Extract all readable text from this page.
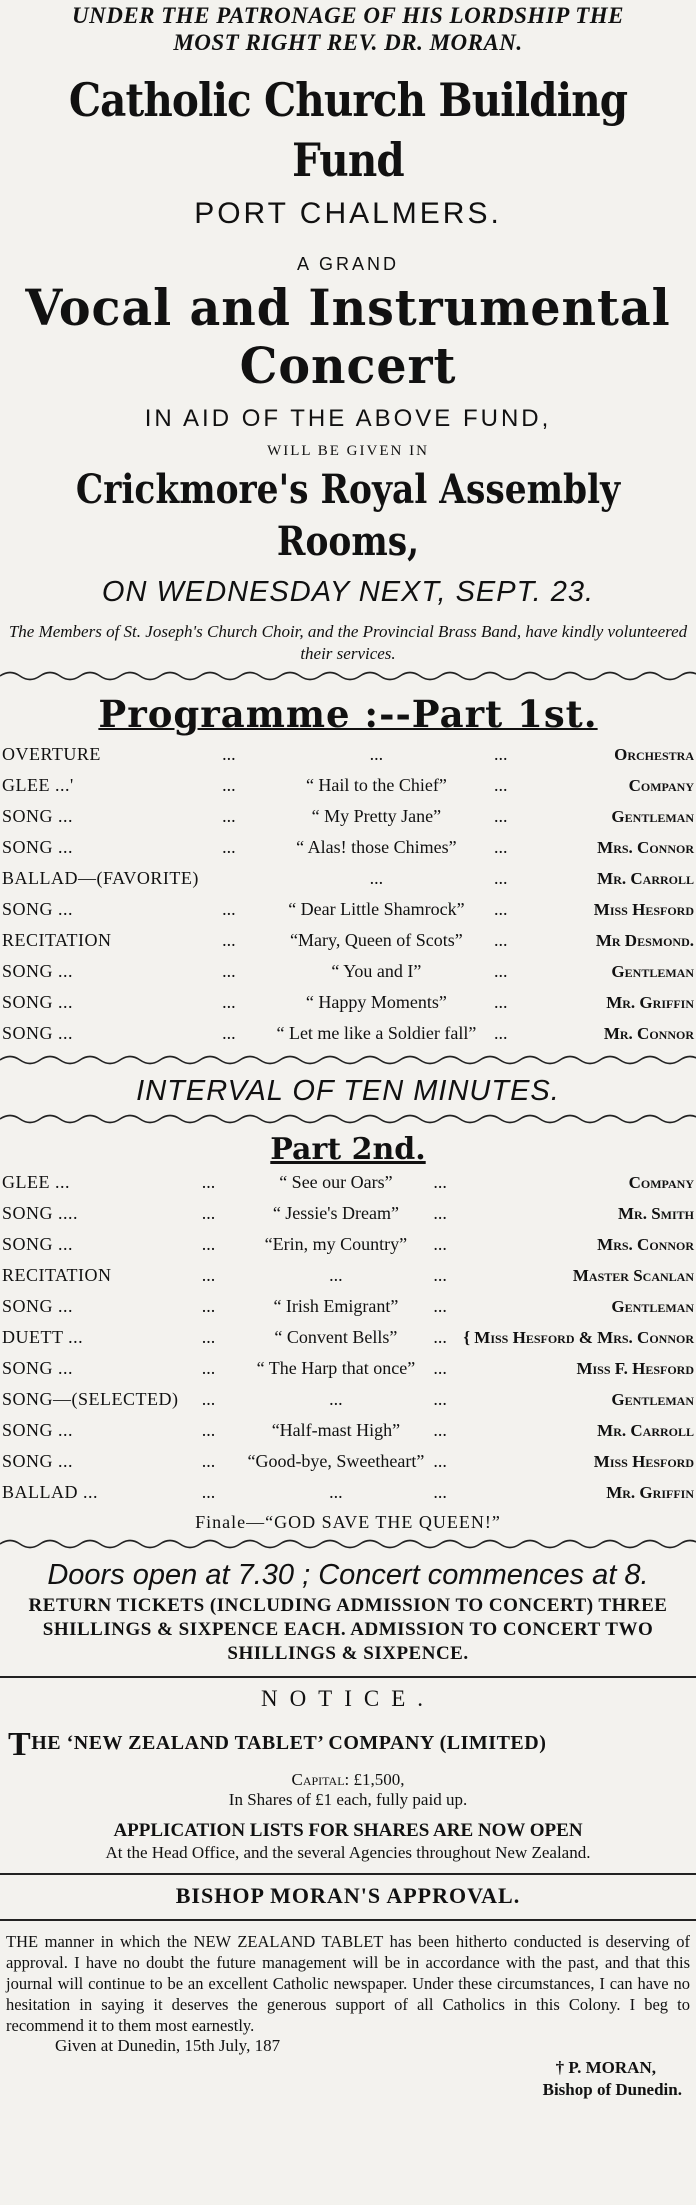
UNDER THE PATRONAGE OF HIS LORDSHIP THE
MOST RIGHT REV. DR. MORAN.
Catholic Church Building Fund
PORT CHALMERS.
A GRAND
Vocal and Instrumental Concert
IN AID OF THE ABOVE FUND,
WILL BE GIVEN IN
Crickmore's Royal Assembly Rooms,
ON WEDNESDAY NEXT, SEPT. 23.
The Members of St. Joseph's Church Choir, and the Provincial Brass Band, have kindly volunteered their services.
Programme :--Part 1st.
OVERTURE	...	...	...	Orchestra
GLEE ...'	...	“ Hail to the Chief”	...	Company
SONG ...	...	“ My Pretty Jane”	...	Gentleman
SONG ...	...	“ Alas! those Chimes”	...	Mrs. Connor
BALLAD—(FAVORITE)		...	...	Mr. Carroll
SONG ...	...	“ Dear Little Shamrock”	...	Miss Hesford
RECITATION	...	“Mary, Queen of Scots”	...	Mr Desmond.
SONG ...	...	“ You and I”	...	Gentleman
SONG ...	...	“ Happy Moments”	...	Mr. Griffin
SONG ...	...	“ Let me like a Soldier fall”	...	Mr. Connor
INTERVAL OF TEN MINUTES.
Part 2nd.
GLEE ...	...	“ See our Oars”	...	Company
SONG ....	...	“ Jessie's Dream”	...	Mr. Smith
SONG ...	...	“Erin, my Country”	...	Mrs. Connor
RECITATION	...	...	...	Master Scanlan
SONG ...	...	“ Irish Emigrant”	...	Gentleman
DUETT ...	...	“ Convent Bells”	...	{ Miss Hesford & Mrs. Connor
SONG ...	...	“ The Harp that once”	...	Miss F. Hesford
SONG—(SELECTED)	...	...	...	Gentleman
SONG ...	...	“Half-mast High”	...	Mr. Carroll
SONG ...	...	“Good-bye, Sweetheart”	...	Miss Hesford
BALLAD ...	...	...	...	Mr. Griffin
Finale—“GOD SAVE THE QUEEN!”
Doors open at 7.30 ; Concert commences at 8.
RETURN TICKETS (INCLUDING ADMISSION TO CONCERT) THREE SHILLINGS & SIXPENCE EACH. ADMISSION TO CONCERT TWO SHILLINGS & SIXPENCE.
NOTICE.
THE ‘NEW ZEALAND TABLET’ COMPANY (LIMITED)
Capital: £1,500,
In Shares of £1 each, fully paid up.
APPLICATION LISTS FOR SHARES ARE NOW OPEN
At the Head Office, and the several Agencies throughout New Zealand.
BISHOP MORAN'S APPROVAL.
THE manner in which the NEW ZEALAND TABLET has been hitherto conducted is deserving of approval. I have no doubt the future management will be in accordance with the past, and that this journal will continue to be an excellent Catholic newspaper. Under these circumstances, I can have no hesitation in saying it deserves the generous support of all Catholics in this Colony. I beg to recommend it to them most earnestly.
Given at Dunedin, 15th July, 187
† P. MORAN,
Bishop of Dunedin.
